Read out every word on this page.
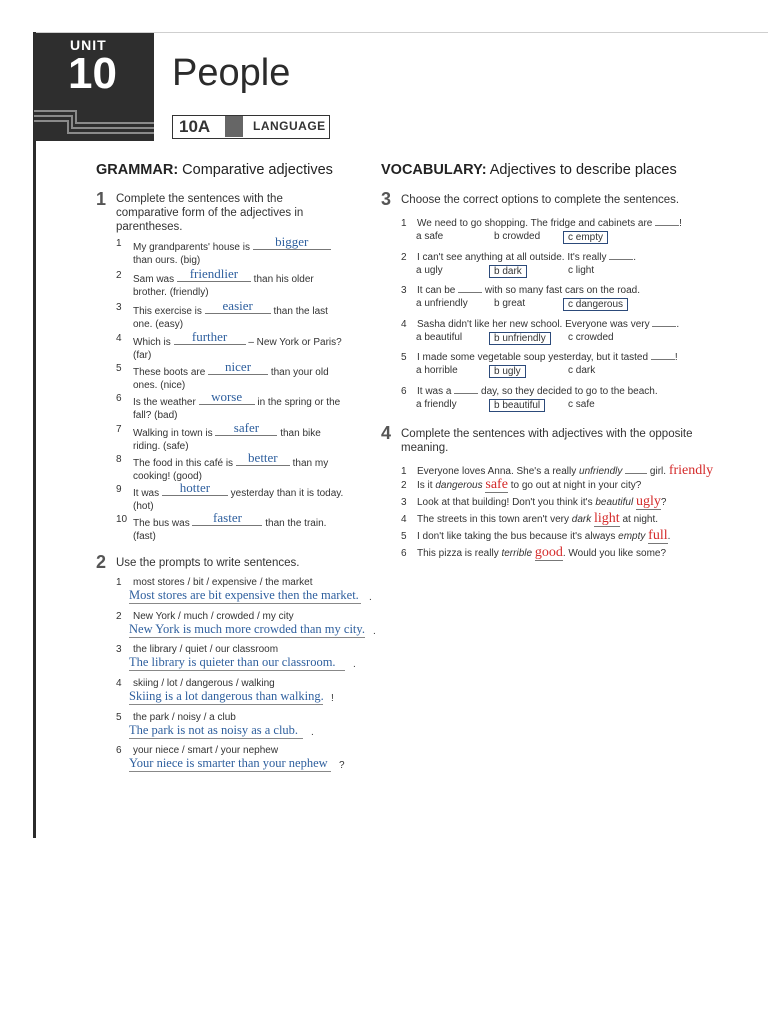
UNIT
10 People
10A	LANGUAGE
GRAMMAR: Comparative adjectives
1 Complete the sentences with the comparative form of the adjectives in parentheses.
1	My grandparents' house is	bigger
than ours. (big)
2	Sam was friendlier	than his older brother. (friendly)
3	This exercise is	easier	than the last one. (easy)
4	Which is	further	– New York or Paris? (far)
5	These boots are	nicer	than your old ones. (nice)
6	Is the weather worse	in the spring or the fall? (bad)
7	Walking in town is	safer	than bike riding. (safe)
8	The food in this café is better	than my cooking! (good)
9	It was	hotter	yesterday than it is today. (hot)
10 The bus was	faster	than the train. (fast)
2 Use the prompts to write sentences.
1	most stores / bit / expensive / the market
Most stores are bit expensive then the market. .
2	New York / much / crowded / my city
New York is much more crowded than my city. .
3	the library / quiet / our classroom
The library is quieter than our classroom.	.
4	skiing / lot / dangerous / walking
Skiing is a lot dangerous than walking. !
5	the park / noisy / a club
The park is not as noisy as a club.	.
6	your niece / smart / your nephew
Your niece is smarter than your nephew	?
VOCABULARY: Adjectives to describe places
3 Choose the correct options to complete the sentences.
1 We need to go shopping. The fridge and cabinets are	!
a safe	b crowded	c empty
2 I can't see anything at all outside. It's really	.
a ugly	b dark	c light
3 It can be	with so many fast cars on the road.
a unfriendly	b great	c dangerous
4 Sasha didn't like her new school. Everyone was very	.
a beautiful	b unfriendly	c crowded
5 I made some vegetable soup yesterday, but it tasted	!
a horrible	b ugly	c dark
6 It was a	day, so they decided to go to the beach.
a friendly	b beautiful	c safe
4 Complete the sentences with adjectives with the opposite meaning.
1 Everyone loves Anna. She's a really unfriendly  girl. friendly
2 Is it dangerous safe to go out at night in your city?
3 Look at that building! Don't you think it's beautiful ugly?
4 The streets in this town aren't very dark light at night.
5 I don't like taking the bus because it's always empty full.
6 This pizza is really terrible good. Would you like some?
